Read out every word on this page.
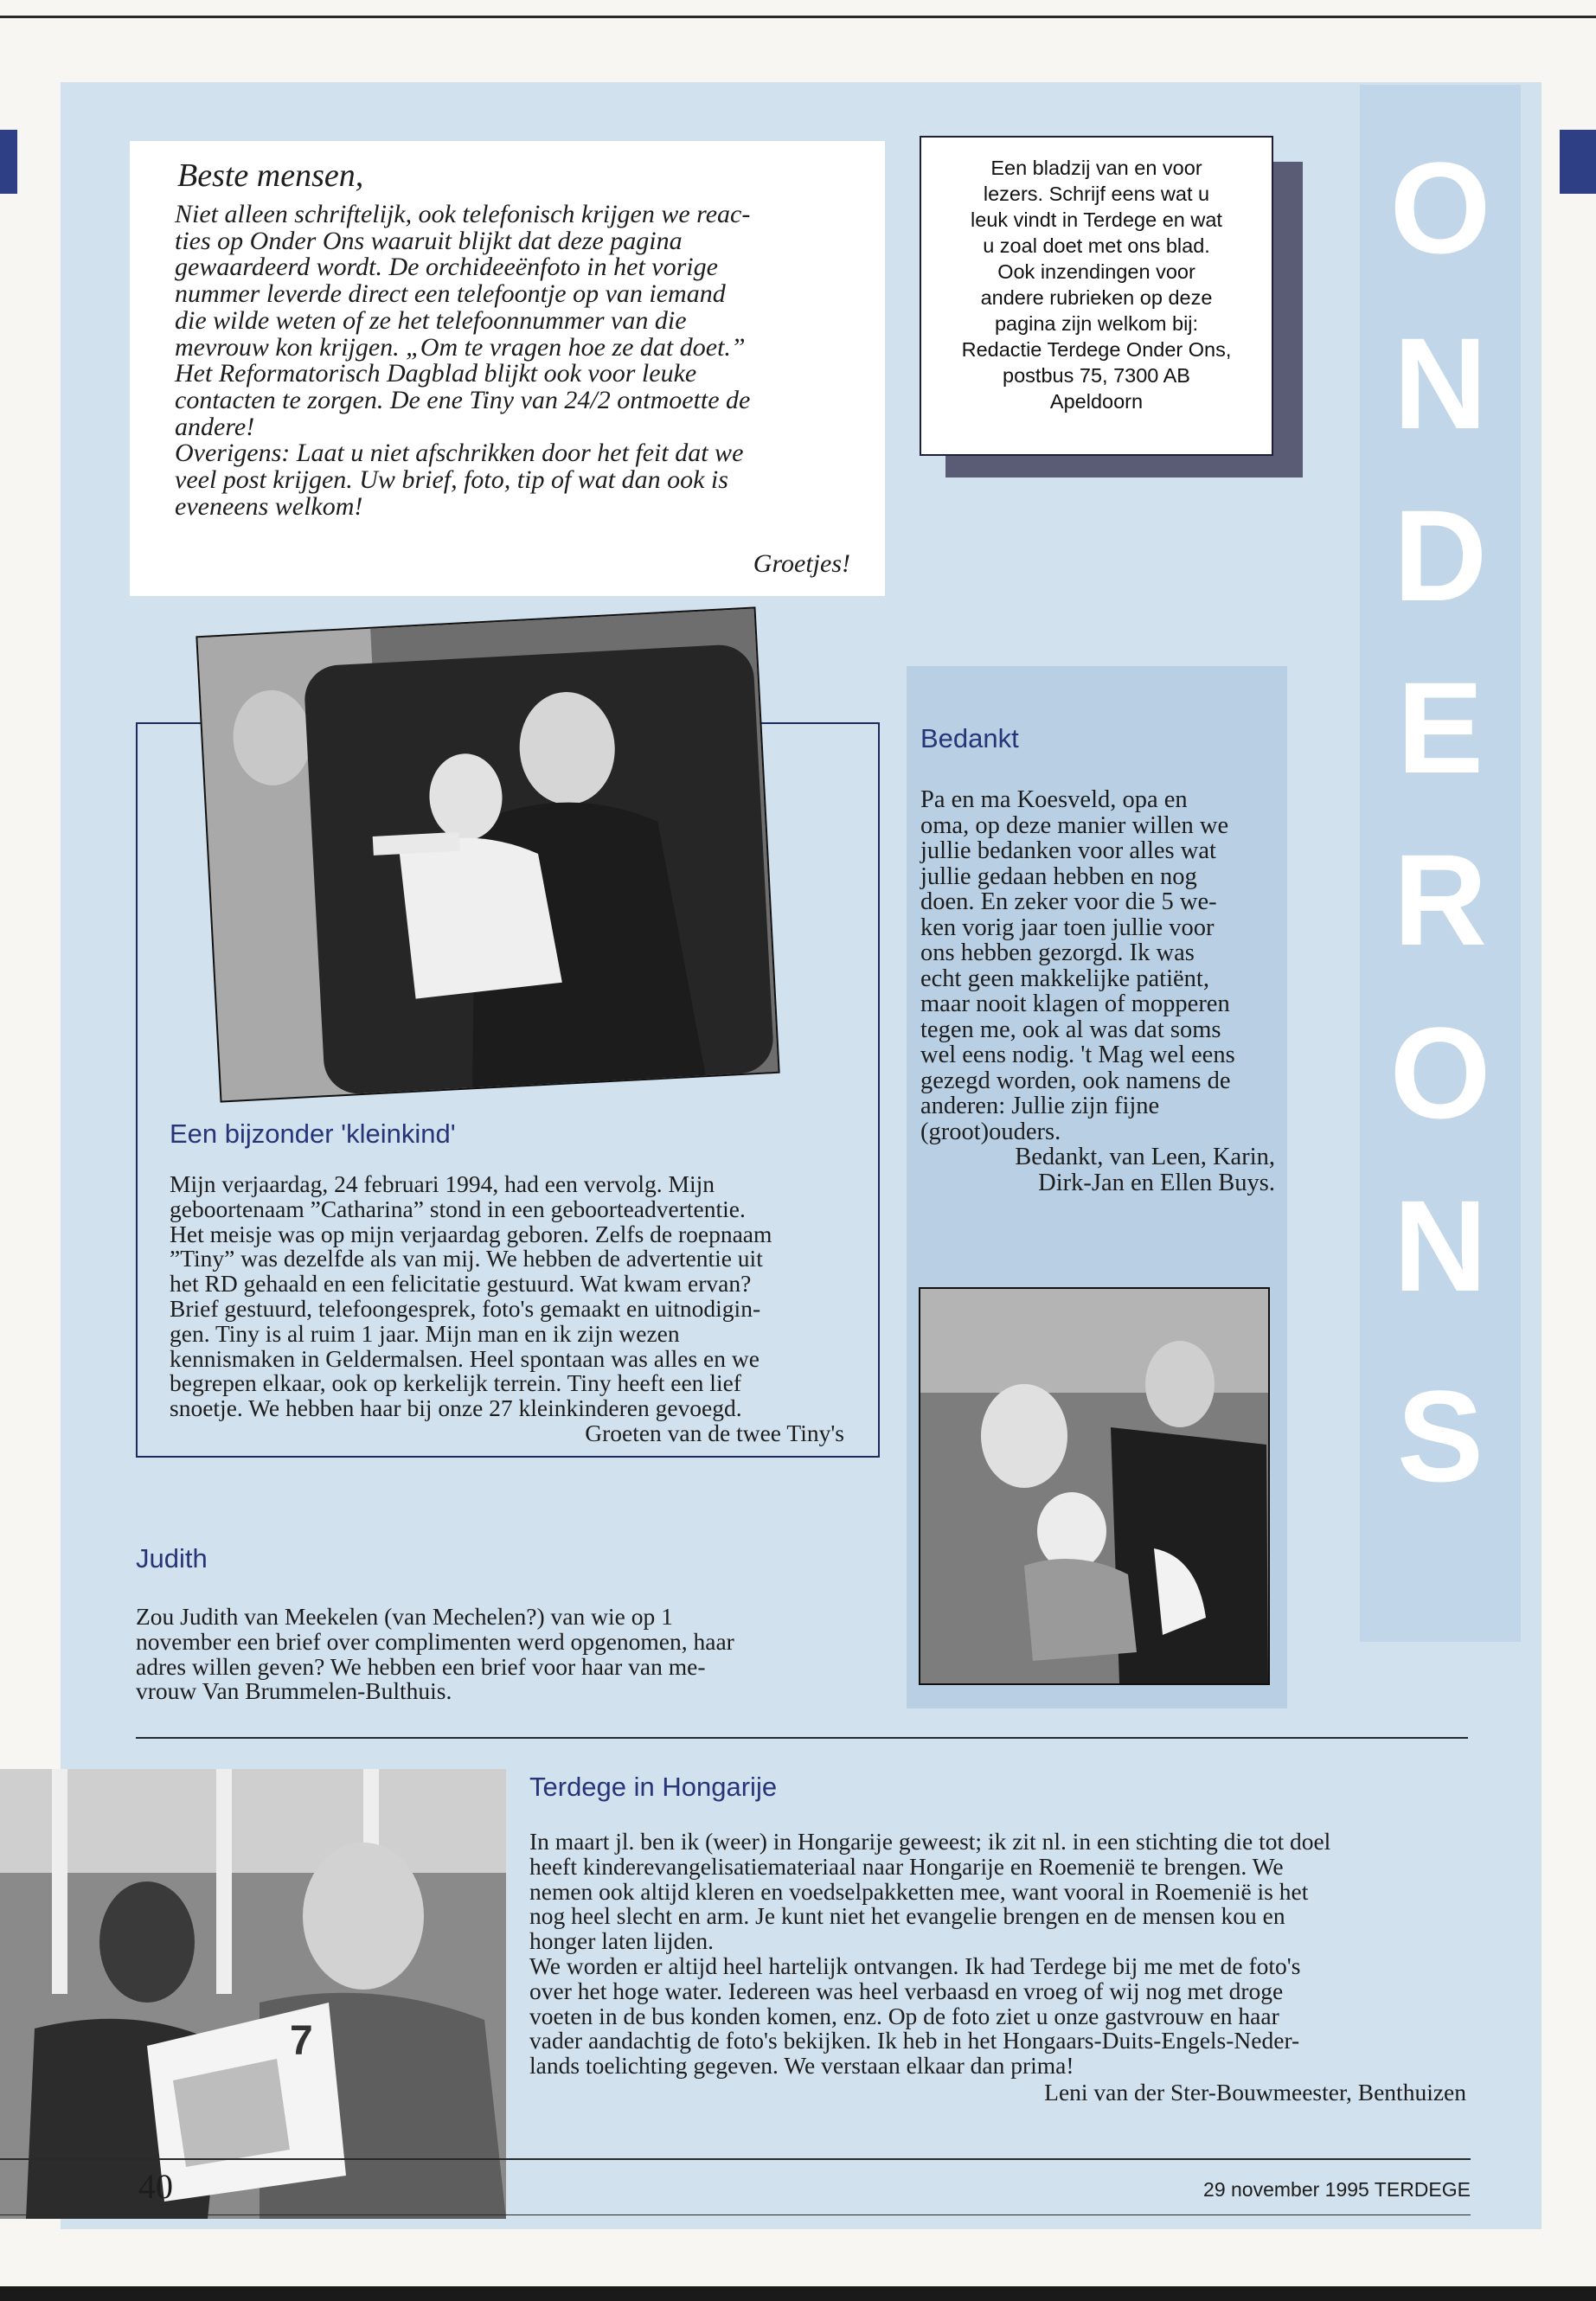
O
N
D
E
R
O
N
S
Beste mensen,
Niet alleen schriftelijk, ook telefonisch krijgen we reac-
ties op Onder Ons waaruit blijkt dat deze pagina
gewaardeerd wordt. De orchideeënfoto in het vorige
nummer leverde direct een telefoontje op van iemand
die wilde weten of ze het telefoonnummer van die
mevrouw kon krijgen. „Om te vragen hoe ze dat doet.”
Het Reformatorisch Dagblad blijkt ook voor leuke
contacten te zorgen. De ene Tiny van 24/2 ontmoette de
andere!
Overigens: Laat u niet afschrikken door het feit dat we
veel post krijgen. Uw brief, foto, tip of wat dan ook is
eveneens welkom!
Groetjes!
Een bladzij van en voor
lezers. Schrijf eens wat u
leuk vindt in Terdege en wat
u zoal doet met ons blad.
Ook inzendingen voor
andere rubrieken op deze
pagina zijn welkom bij:
Redactie Terdege Onder Ons,
postbus 75, 7300 AB
Apeldoorn
Een bijzonder 'kleinkind'
Mijn verjaardag, 24 februari 1994, had een vervolg. Mijn
geboortenaam ”Catharina” stond in een geboorteadvertentie.
Het meisje was op mijn verjaardag geboren. Zelfs de roepnaam
”Tiny” was dezelfde als van mij. We hebben de advertentie uit
het RD gehaald en een felicitatie gestuurd. Wat kwam ervan?
Brief gestuurd, telefoongesprek, foto's gemaakt en uitnodigin-
gen. Tiny is al ruim 1 jaar. Mijn man en ik zijn wezen
kennismaken in Geldermalsen. Heel spontaan was alles en we
begrepen elkaar, ook op kerkelijk terrein. Tiny heeft een lief
snoetje. We hebben haar bij onze 27 kleinkinderen gevoegd.
Groeten van de twee Tiny's
Bedankt
Pa en ma Koesveld, opa en
oma, op deze manier willen we
jullie bedanken voor alles wat
jullie gedaan hebben en nog
doen. En zeker voor die 5 we-
ken vorig jaar toen jullie voor
ons hebben gezorgd. Ik was
echt geen makkelijke patiënt,
maar nooit klagen of mopperen
tegen me, ook al was dat soms
wel eens nodig. 't Mag wel eens
gezegd worden, ook namens de
anderen: Jullie zijn fijne
(groot)ouders.
Bedankt, van Leen, Karin,
Dirk-Jan en Ellen Buys.
Judith
Zou Judith van Meekelen (van Mechelen?) van wie op 1
november een brief over complimenten werd opgenomen, haar
adres willen geven? We hebben een brief voor haar van me-
vrouw Van Brummelen-Bulthuis.
7
Terdege in Hongarije
In maart jl. ben ik (weer) in Hongarije geweest; ik zit nl. in een stichting die tot doel
heeft kinderevangelisatiemateriaal naar Hongarije en Roemenië te brengen. We
nemen ook altijd kleren en voedselpakketten mee, want vooral in Roemenië is het
nog heel slecht en arm. Je kunt niet het evangelie brengen en de mensen kou en
honger laten lijden.
We worden er altijd heel hartelijk ontvangen. Ik had Terdege bij me met de foto's
over het hoge water. Iedereen was heel verbaasd en vroeg of wij nog met droge
voeten in de bus konden komen, enz. Op de foto ziet u onze gastvrouw en haar
vader aandachtig de foto's bekijken. Ik heb in het Hongaars-Duits-Engels-Neder-
lands toelichting gegeven. We verstaan elkaar dan prima!
Leni van der Ster-Bouwmeester, Benthuizen
40	29 november 1995 TERDEGE
